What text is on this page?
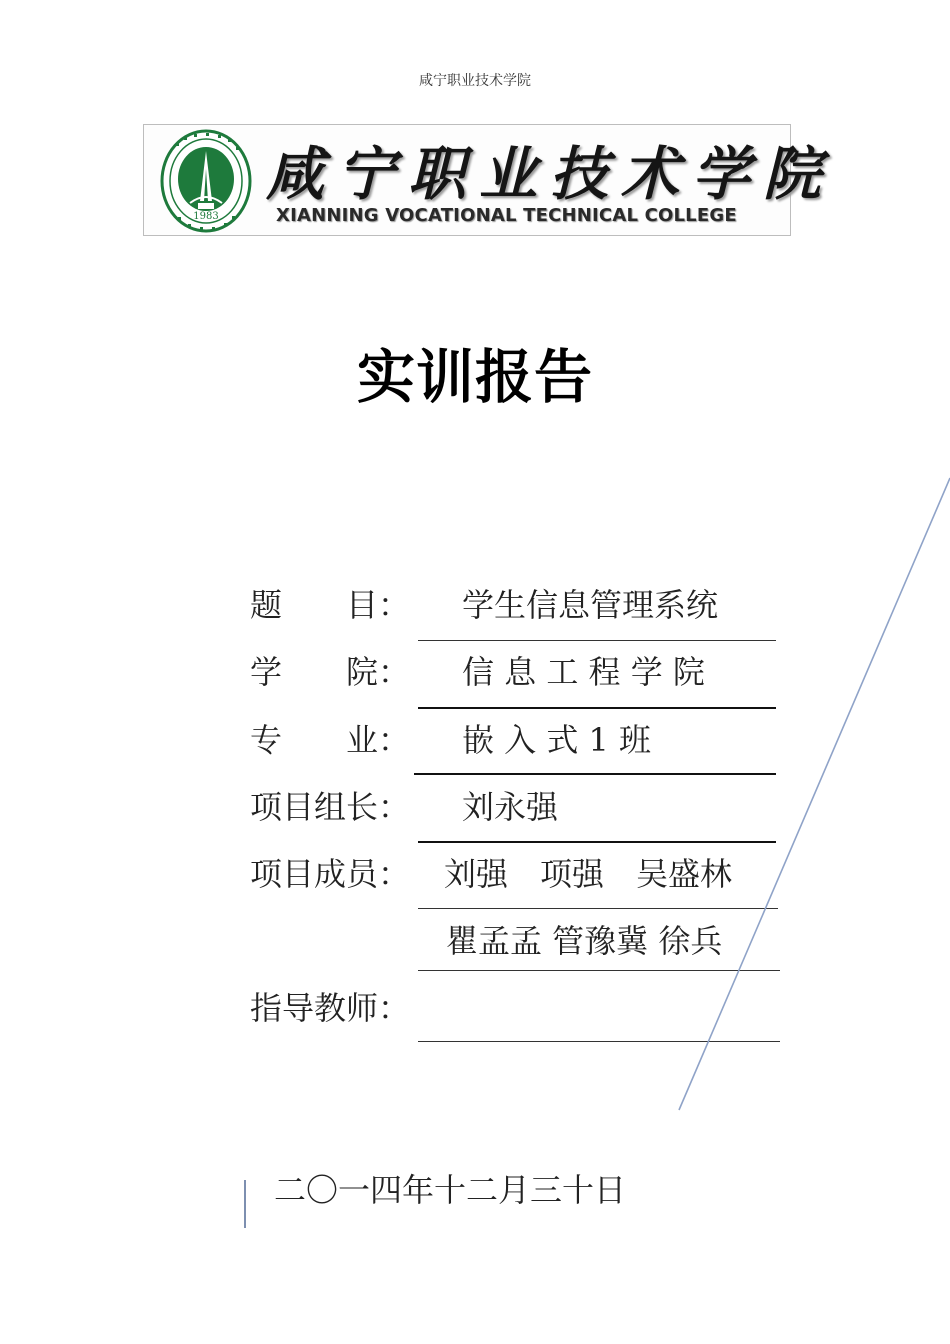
咸宁职业技术学院
1983
咸宁职业技术学院
XIANNING VOCATIONAL TECHNICAL COLLEGE
实训报告
题　　目： 学生信息管理系统
学　　院： 信 息 工 程 学 院
专　　业： 嵌 入 式 1 班
项目组长： 刘永强
项目成员： 刘强　项强　吴盛林
瞿孟孟 管豫冀 徐兵
指导教师：
二〇一四年十二月三十日
